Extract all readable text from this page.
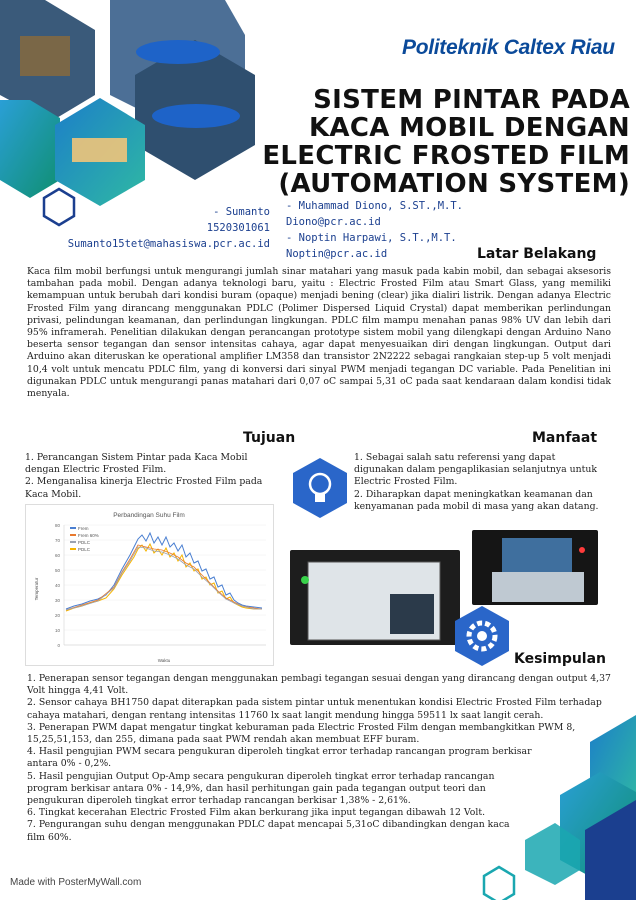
Politeknik Caltex Riau
SISTEM PINTAR PADA
KACA MOBIL DENGAN
ELECTRIC FROSTED FILM
(AUTOMATION SYSTEM)
- Sumanto
1520301061
Sumanto15tet@mahasiswa.pcr.ac.id
- Muhammad Diono, S.ST.,M.T.
Diono@pcr.ac.id
- Noptin Harpawi, S.T.,M.T.
Noptin@pcr.ac.id	Latar Belakang

Kaca film mobil berfungsi untuk mengurangi jumlah sinar matahari yang masuk pada kabin mobil, dan sebagai aksesoris tambahan pada mobil. Dengan adanya teknologi baru, yaitu : Electric Frosted Film atau Smart Glass, yang memiliki kemampuan untuk berubah dari kondisi buram (opaque) menjadi bening (clear) jika dialiri listrik. Dengan adanya Electric Frosted Film yang dirancang menggunakan PDLC (Polimer Dispersed Liquid Crystal) dapat memberikan perlindungan privasi, pelindungan keamanan, dan perlindungan lingkungan. PDLC film mampu menahan panas 98% UV dan lebih dari 95% inframerah. Penelitian dilakukan dengan perancangan prototype sistem mobil yang dilengkapi dengan Arduino Nano beserta sensor tegangan dan sensor intensitas cahaya, agar dapat menyesuaikan diri dengan lingkungan. Output dari Arduino akan diteruskan ke operational amplifier LM358 dan transistor 2N2222 sebagai rangkaian step-up 5 volt menjadi 10,4 volt untuk mencatu PDLC film, yang di konversi dari sinyal PWM menjadi tegangan DC variable. Pada Penelitian ini digunakan PDLC untuk mengurangi panas matahari dari 0,07 oC sampai 5,31 oC pada saat kendaraan dalam kondisi tidak menyala.

Tujuan

1. Perancangan Sistem Pintar pada Kaca Mobil dengan Electric Frosted Film.

2. Menganalisa kinerja Electric Frosted Film pada Kaca Mobil.

Manfaat

1. Sebagai salah satu referensi yang dapat digunakan dalam pengaplikasian selanjutnya untuk Electric Frosted Film.

2. Diharapkan dapat meningkatkan keamanan dan kenyamanan pada mobil di masa yang akan datang.

Perbandingan Suhu Film
0
10
20
30
40
50
60
70
80
Frem
Frem 60%
PDLC
PDLC
Waktu
Temperatur
Kesimpulan

1. Penerapan sensor tegangan dengan menggunakan pembagi tegangan sesuai dengan yang dirancang dengan output 4,37 Volt hingga 4,41 Volt.

2. Sensor cahaya BH1750 dapat diterapkan pada sistem pintar untuk menentukan kondisi Electric Frosted Film terhadap cahaya matahari, dengan rentang intensitas 11760 lx saat langit mendung hingga 59511 lx saat langit cerah.

3. Penerapan PWM dapat mengatur tingkat keburaman pada Electric Frosted Film dengan membangkitkan PWM 8, 15,25,51,153, dan 255, dimana pada saat PWM rendah akan membuat EFF buram.

4. Hasil pengujian PWM secara pengukuran diperoleh tingkat error terhadap rancangan program berkisar antara 0% - 0,2%.

5. Hasil pengujian Output Op-Amp secara pengukuran diperoleh tingkat error terhadap rancangan program berkisar antara 0% - 14,9%, dan hasil perhitungan gain pada tegangan output teori dan pengukuran diperoleh tingkat error terhadap rancangan berkisar 1,38% - 2,61%.

6. Tingkat kecerahan Electric Frosted Film akan berkurang jika input tegangan dibawah 12 Volt.

7. Pengurangan suhu dengan menggunakan PDLC dapat mencapai 5,31oC dibandingkan dengan kaca film 60%.

Made with PosterMyWall.com
